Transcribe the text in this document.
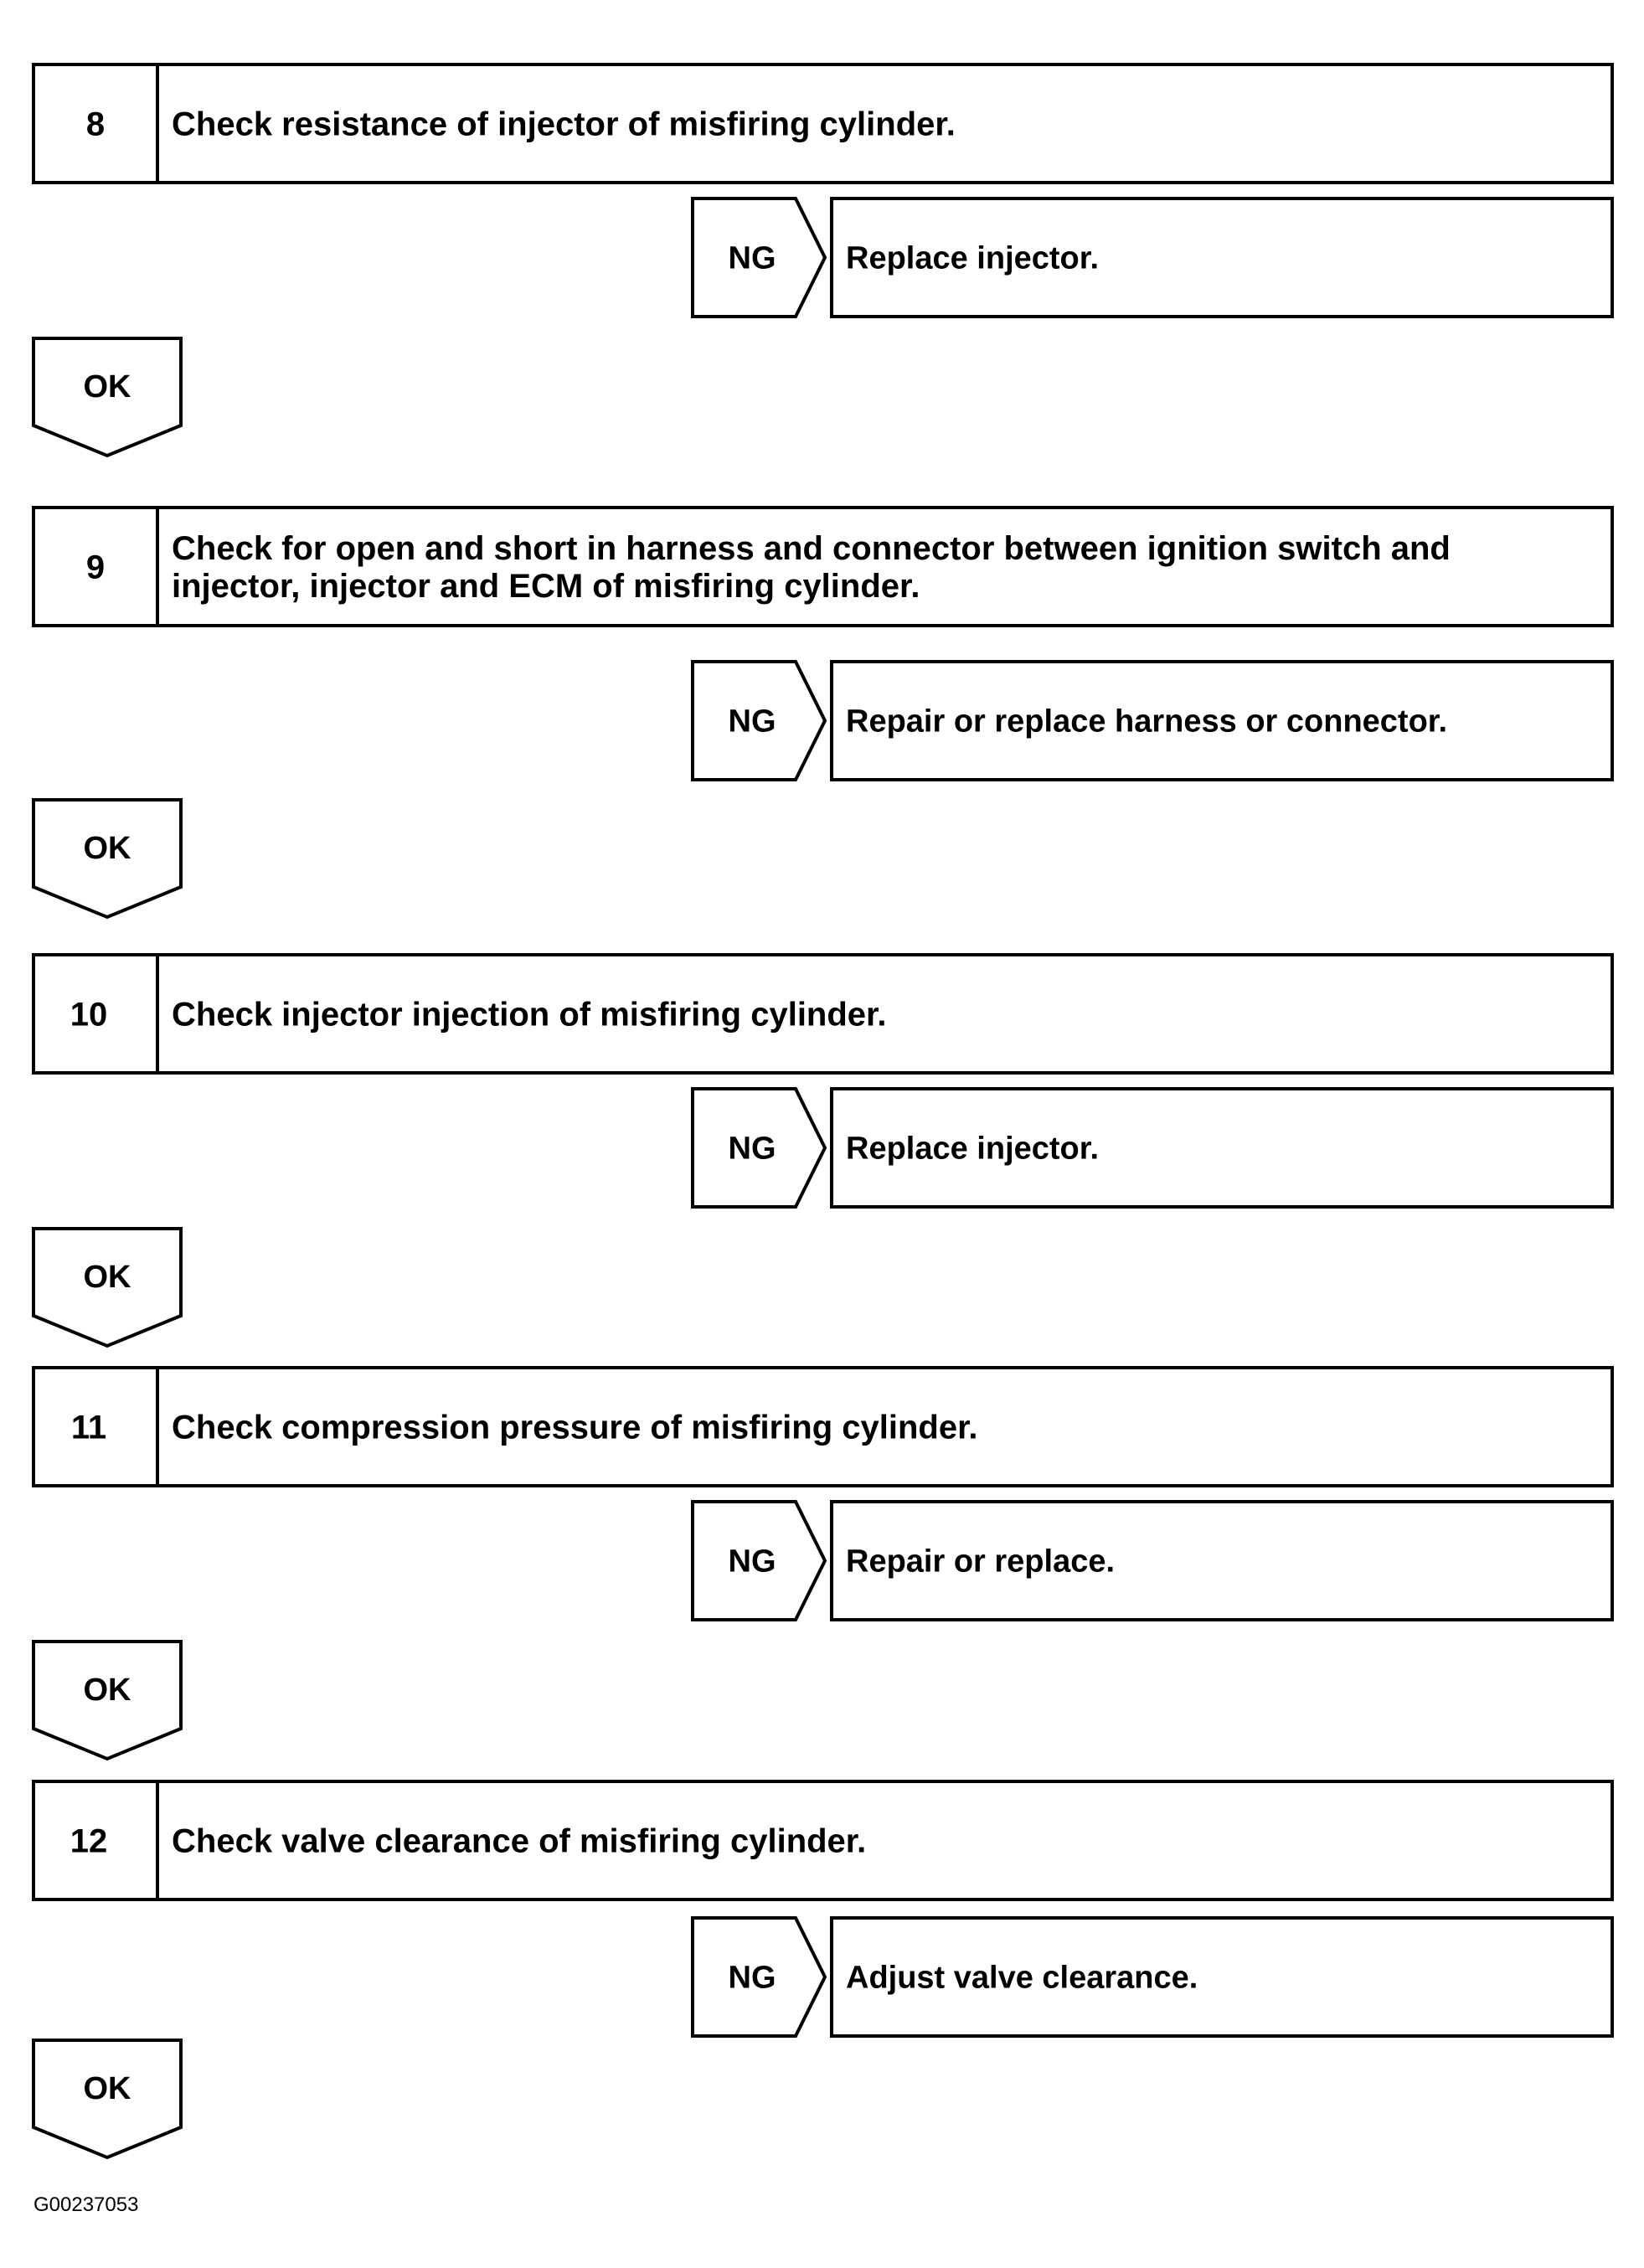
8 Check resistance of injector of misfiring cylinder.
NG Replace injector.
OK
9
Check for open and short in harness and connector between ignition switch and
injector, injector and ECM of misfiring cylinder.
NG Repair or replace harness or connector.
OK
10 Check injector injection of misfiring cylinder.
NG Replace injector.
OK
11 Check compression pressure of misfiring cylinder.
NG Repair or replace.
OK
12 Check valve clearance of misfiring cylinder.
NG Adjust valve clearance.
OK
G00237053
